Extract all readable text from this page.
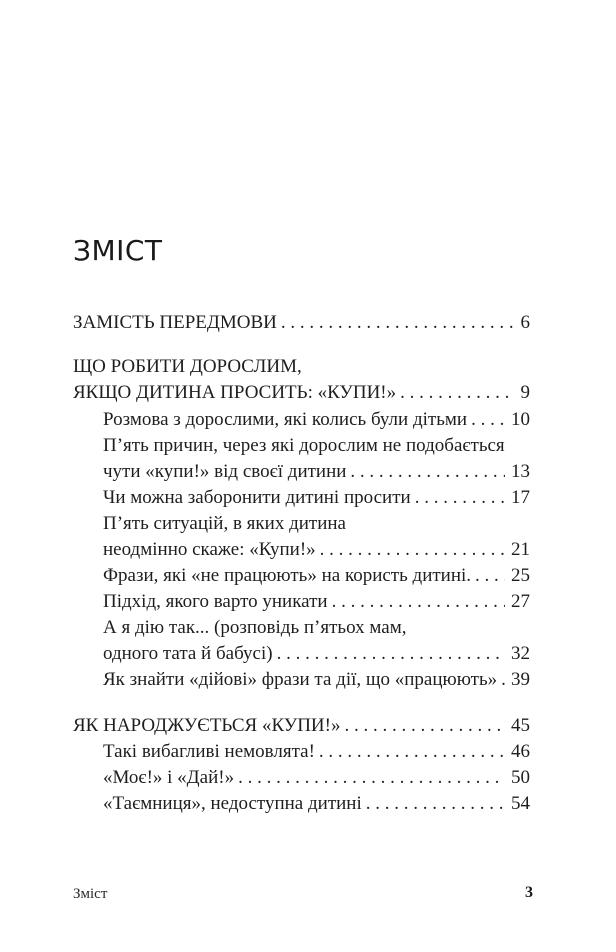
ЗМІСТ
ЗАМІСТЬ ПЕРЕДМОВИ . . .	6
ЩО РОБИТИ ДОРОСЛИМ,
ЯКЩО ДИТИНА ПРОСИТЬ: «КУПИ!» . . .	9
Розмова з дорослими, які колись були дітьми . . . 10
П’ять причин, через які дорослим не подобається
чути «купи!» від своєї дитини . . .	13
Чи можна заборонити дитині просити . . .	17
П’ять ситуацій, в яких дитина
неодмінно скаже: «Купи!» . . .	21
Фрази, які «не працюють» на користь дитині. . . . 25
Підхід, якого варто уникати . . .	27
А я дію так... (розповідь п’ятьох мам,
одного тата й бабусі) . . .	32
Як знайти «дійові» фрази та дії, що «працюють» . . . 39
ЯК НАРОДЖУЄТЬСЯ «КУПИ!» . . .	45
Такі вибагливі немовлята! . . .	46
«Моє!» і «Дай!» . . .	50
«Таємниця», недоступна дитині . . .	54
Зміст	3
